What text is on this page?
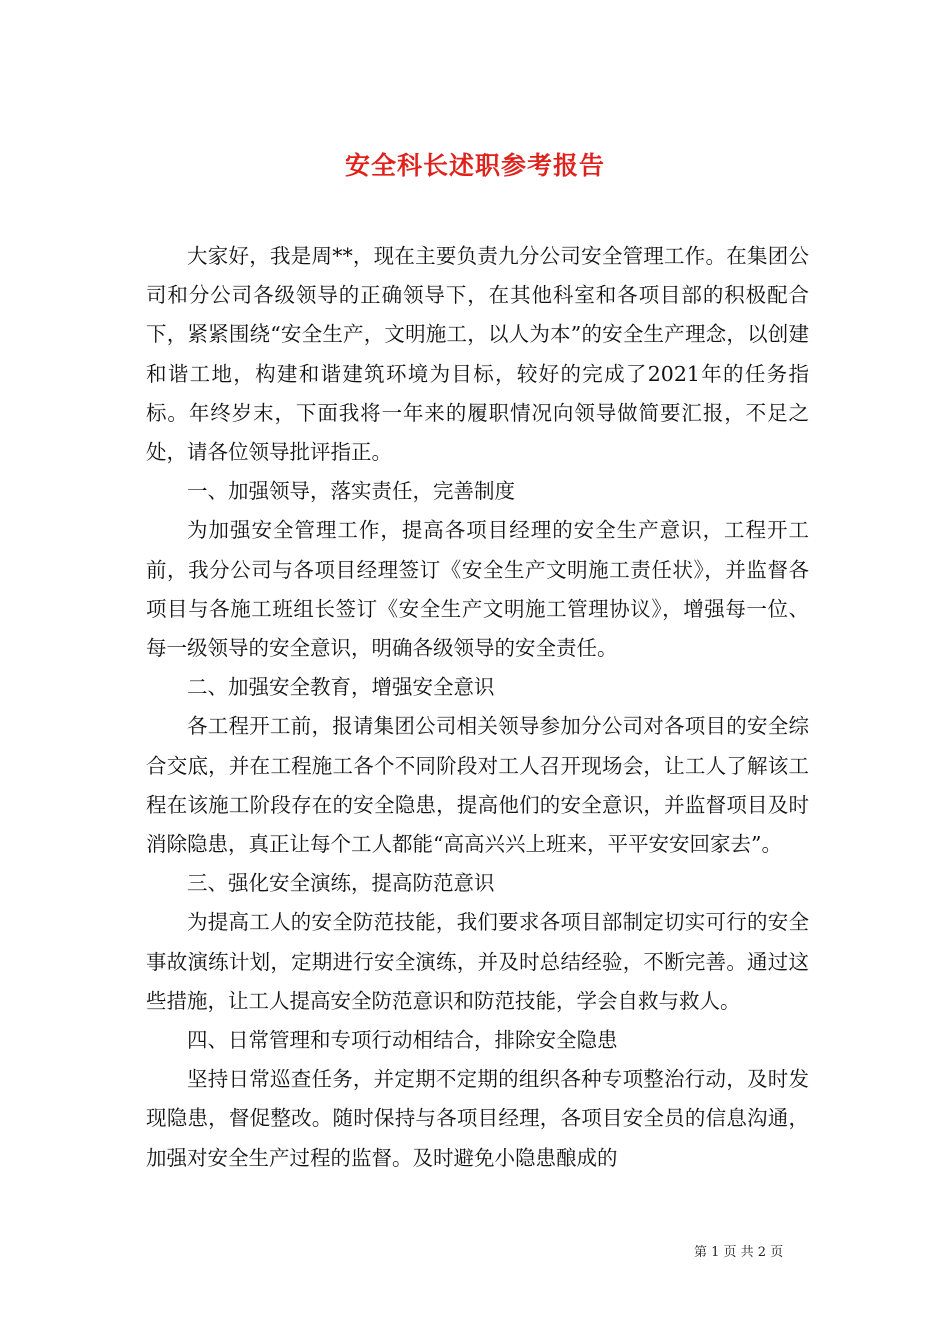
安全科长述职参考报告

大家好，我是周**，现在主要负责九分公司安全管理工作。在集团公司和分公司各级领导的正确领导下，在其他科室和各项目部的积极配合下，紧紧围绕“安全生产，文明施工，以人为本”的安全生产理念，以创建和谐工地，构建和谐建筑环境为目标，较好的完成了2021年的任务指标。年终岁末，下面我将一年来的履职情况向领导做简要汇报，不足之处，请各位领导批评指正。

一、加强领导，落实责任，完善制度

为加强安全管理工作，提高各项目经理的安全生产意识，工程开工前，我分公司与各项目经理签订《安全生产文明施工责任状》，并监督各项目与各施工班组长签订《安全生产文明施工管理协议》，增强每一位、每一级领导的安全意识，明确各级领导的安全责任。

二、加强安全教育，增强安全意识

各工程开工前，报请集团公司相关领导参加分公司对各项目的安全综合交底，并在工程施工各个不同阶段对工人召开现场会，让工人了解该工程在该施工阶段存在的安全隐患，提高他们的安全意识，并监督项目及时消除隐患，真正让每个工人都能“高高兴兴上班来，平平安安回家去”。

三、强化安全演练，提高防范意识

为提高工人的安全防范技能，我们要求各项目部制定切实可行的安全事故演练计划，定期进行安全演练，并及时总结经验，不断完善。通过这些措施，让工人提高安全防范意识和防范技能，学会自救与救人。

四、日常管理和专项行动相结合，排除安全隐患

坚持日常巡查任务，并定期不定期的组织各种专项整治行动，及时发现隐患，督促整改。随时保持与各项目经理，各项目安全员的信息沟通，加强对安全生产过程的监督。及时避免小隐患酿成的

第 1 页 共 2 页
